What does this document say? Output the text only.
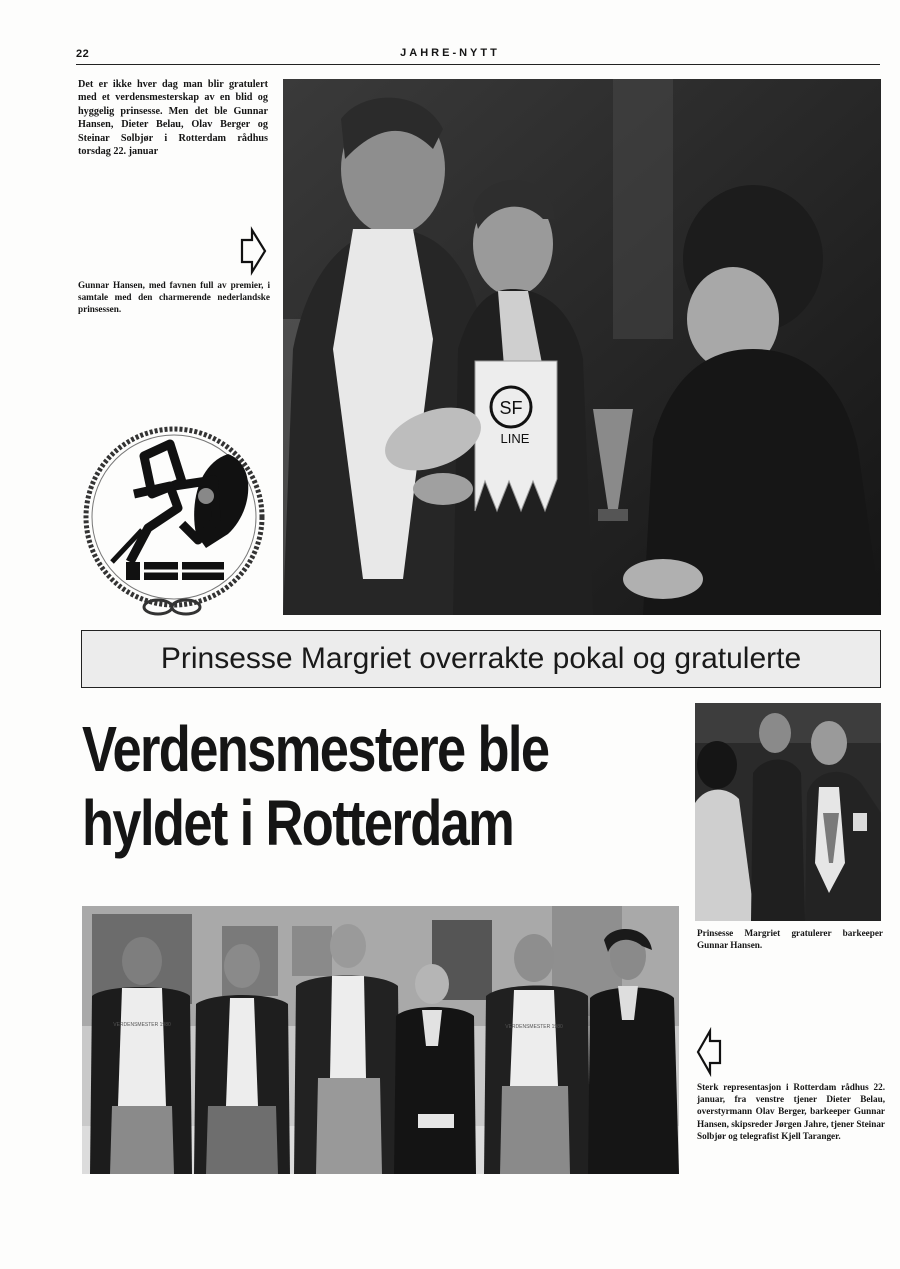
22	JAHRE-NYTT
Det er ikke hver dag man blir gratulert med et verdensmesterskap av en blid og hyggelig prinsesse. Men det ble Gunnar Hansen, Dieter Belau, Olav Berger og Steinar Solbjør i Rotterdam rådhus torsdag 22. januar
Gunnar Hansen, med favnen full av premier, i samtale med den charmerende nederlandske prinsessen.
SF
LINE
Prinsesse Margriet overrakte pokal og gratulerte
Verdensmestere ble
hyldet i Rotterdam
Prinsesse Margriet gratulerer barkeeper Gunnar Hansen.
VERDENSMESTER 1980	VERDENSMESTER 1980
Sterk representasjon i Rotterdam rådhus 22. januar, fra venstre tjener Dieter Belau, overstyrmann Olav Berger, barkeeper Gunnar Hansen, skipsreder Jørgen Jahre, tjener Steinar Solbjør og telegrafist Kjell Taranger.
